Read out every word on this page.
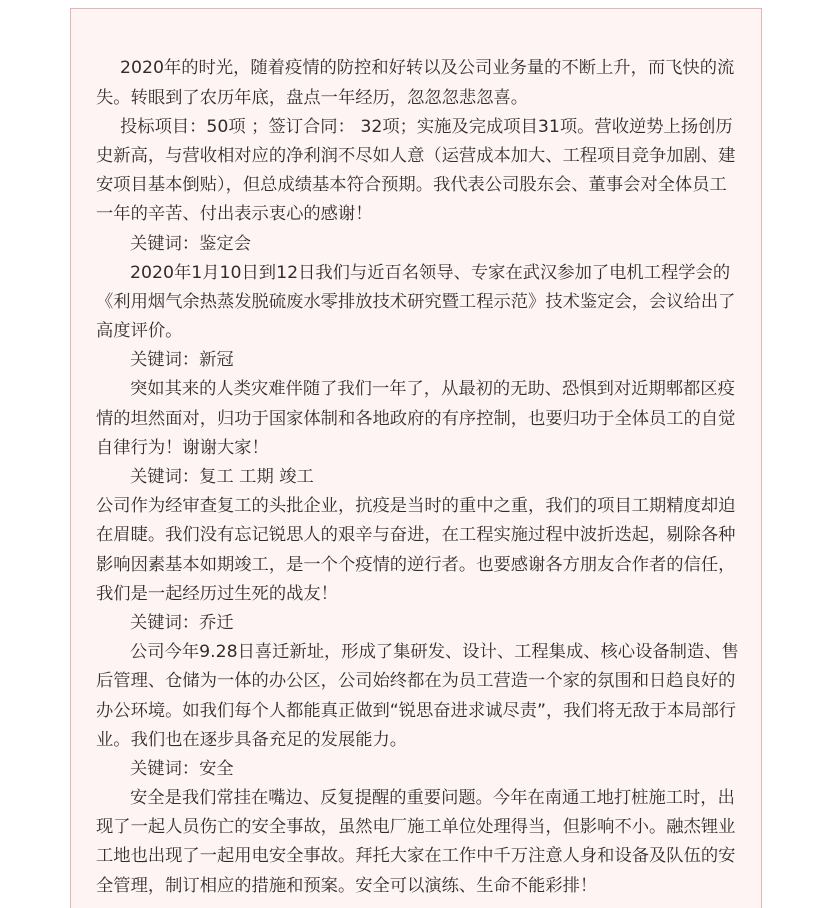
2020年的时光，随着疫情的防控和好转以及公司业务量的不断上升，而飞快的流
失。转眼到了农历年底，盘点一年经历，忽忽忽悲忽喜。
投标项目：50项 ；签订合同： 32项；实施及完成项目31项。营收逆势上扬创历
史新高，与营收相对应的净利润不尽如人意（运营成本加大、工程项目竞争加剧、建
安项目基本倒贴），但总成绩基本符合预期。我代表公司股东会、董事会对全体员工
一年的辛苦、付出表示衷心的感谢！
关键词：鉴定会
2020年1月10日到12日我们与近百名领导、专家在武汉参加了电机工程学会的
《利用烟气余热蒸发脱硫废水零排放技术研究暨工程示范》技术鉴定会，会议给出了
高度评价。
关键词：新冠
突如其来的人类灾难伴随了我们一年了，从最初的无助、恐惧到对近期郫都区疫
情的坦然面对，归功于国家体制和各地政府的有序控制，也要归功于全体员工的自觉
自律行为！谢谢大家！
关键词：复工 工期 竣工
公司作为经审查复工的头批企业，抗疫是当时的重中之重，我们的项目工期精度却迫
在眉睫。我们没有忘记锐思人的艰辛与奋进，在工程实施过程中波折迭起，剔除各种
影响因素基本如期竣工，是一个个疫情的逆行者。也要感谢各方朋友合作者的信任，
我们是一起经历过生死的战友！
关键词：乔迁
公司今年9.28日喜迁新址，形成了集研发、设计、工程集成、核心设备制造、售
后管理、仓储为一体的办公区，公司始终都在为员工营造一个家的氛围和日趋良好的
办公环境。如我们每个人都能真正做到“锐思奋进求诚尽责”，我们将无敌于本局部行
业。我们也在逐步具备充足的发展能力。
关键词：安全
安全是我们常挂在嘴边、反复提醒的重要问题。今年在南通工地打桩施工时，出
现了一起人员伤亡的安全事故，虽然电厂施工单位处理得当，但影响不小。融杰锂业
工地也出现了一起用电安全事故。拜托大家在工作中千万注意人身和设备及队伍的安
全管理，制订相应的措施和预案。安全可以演练、生命不能彩排！
